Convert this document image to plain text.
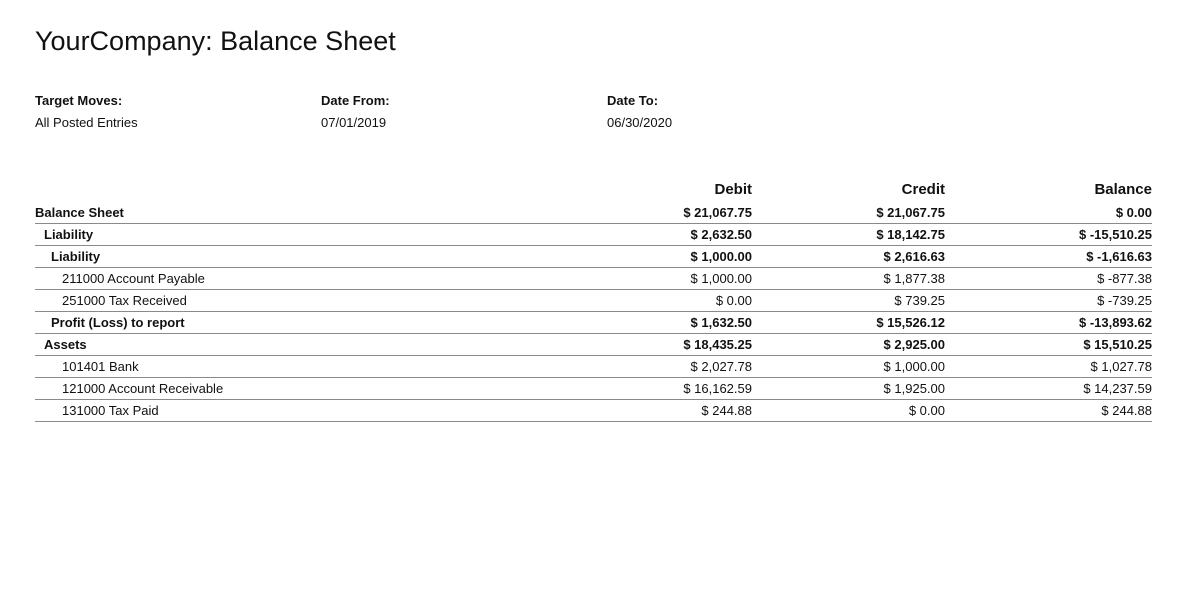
YourCompany: Balance Sheet
Target Moves:
All Posted Entries
Date From:
07/01/2019
Date To:
06/30/2020
Debit	Credit	Balance
Balance Sheet	$ 21,067.75	$ 21,067.75	$ 0.00
Liability	$ 2,632.50	$ 18,142.75	$ -15,510.25
Liability	$ 1,000.00	$ 2,616.63	$ -1,616.63
211000 Account Payable	$ 1,000.00	$ 1,877.38	$ -877.38
251000 Tax Received	$ 0.00	$ 739.25	$ -739.25
Profit (Loss) to report	$ 1,632.50	$ 15,526.12	$ -13,893.62
Assets	$ 18,435.25	$ 2,925.00	$ 15,510.25
101401 Bank	$ 2,027.78	$ 1,000.00	$ 1,027.78
121000 Account Receivable	$ 16,162.59	$ 1,925.00	$ 14,237.59
131000 Tax Paid	$ 244.88	$ 0.00	$ 244.88
